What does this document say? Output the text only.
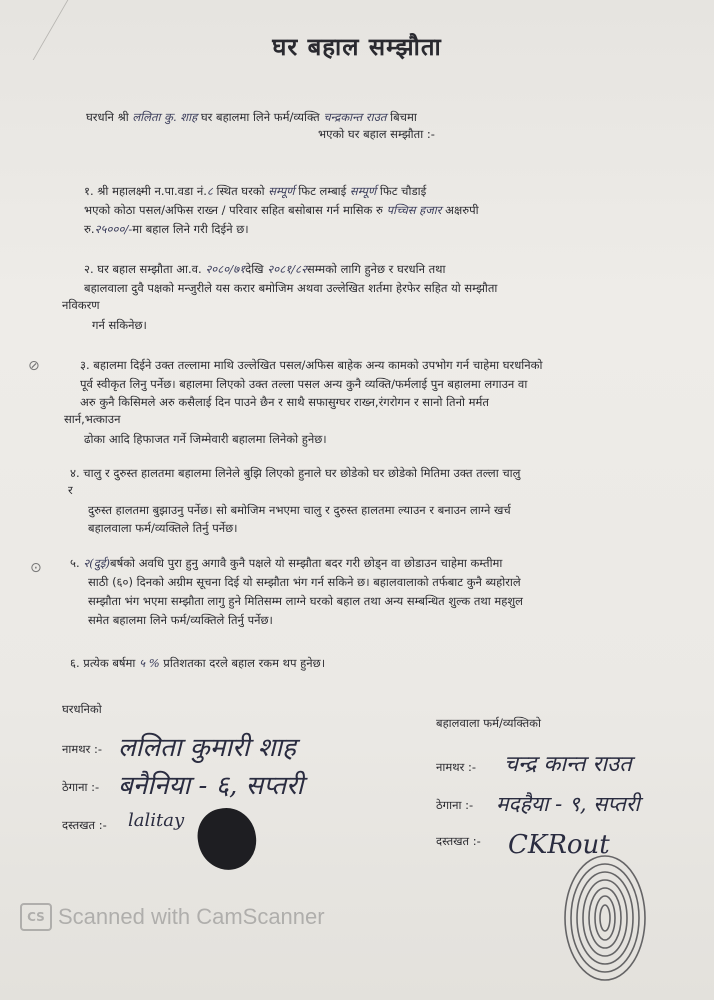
घर बहाल सम्झौता
घरधनि श्री ललिता कु. शाह घर बहालमा लिने फर्म/व्यक्ति चन्द्रकान्त राउत बिचमा
भएको घर बहाल सम्झौता :-
१. श्री महालक्ष्मी न.पा.वडा नं.८ स्थित घरको सम्पूर्ण फिट लम्बाई सम्पूर्ण फिट चौडाई
भएको कोठा पसल/अफिस राख्न / परिवार सहित बसोबास गर्न मासिक रु पच्चिस हजार अक्षरुपी
रु.२५०००/-मा बहाल लिने गरी दिईने छ।
२. घर बहाल सम्झौता आ.व. २०८०/७१देखि २०८१/८२सम्मको लागि हुनेछ र घरधनि तथा
बहालवाला दुवै पक्षको मन्जुरीले यस करार बमोजिम अथवा उल्लेखित शर्तमा हेरफेर सहित यो सम्झौता
नविकरण
गर्न सकिनेछ।
⊘	३. बहालमा दिईने उक्त तल्लामा माथि उल्लेखित पसल/अफिस बाहेक अन्य कामको उपभोग गर्न चाहेमा घरधनिको
पूर्व स्वीकृत लिनु पर्नेछ। बहालमा लिएको उक्त तल्ला पसल अन्य कुनै व्यक्ति/फर्मलाई पुन बहालमा लगाउन वा
अरु कुनै किसिमले अरु कसैलाई दिन पाउने छैन र साथै सफासुग्घर राख्न,रंगरोगन र सानो तिनो मर्मत
सार्न,भत्काउन
ढोका आदि हिफाजत गर्ने जिम्मेवारी बहालमा लिनेको हुनेछ।
४. चालु र दुरुस्त हालतमा बहालमा लिनेले बुझि लिएको हुनाले घर छोडेको घर छोडेको मितिमा उक्त तल्ला चालु
र
दुरुस्त हालतमा बुझाउनु पर्नेछ। सो बमोजिम नभएमा चालु र दुरुस्त हालतमा ल्याउन र बनाउन लाग्ने खर्च
बहालवाला फर्म/व्यक्तिले तिर्नु पर्नेछ।
⊙ ५. २(दुई)बर्षको अवधि पुरा हुनु अगावै कुनै पक्षले यो सम्झौता बदर गरी छोड्न वा छोडाउन चाहेमा कम्तीमा
साठी (६०) दिनको अग्रीम सूचना दिई यो सम्झौता भंग गर्न सकिने छ। बहालवालाको तर्फबाट कुनै ब्यहोराले
सम्झौता भंग भएमा सम्झौता लागु हुने मितिसम्म लाग्ने घरको बहाल तथा अन्य सम्बन्धित शुल्क तथा महशुल
समेत बहालमा लिने फर्म/व्यक्तिले तिर्नु पर्नेछ।
६. प्रत्येक बर्षमा ५ % प्रतिशतका दरले बहाल रकम थप हुनेछ।
घरधनिको
नामथर :- ललिता कुमारी शाह
ठेगाना :- बनैनिया - ६, सप्तरी
दस्तखत :- lalitay
बहालवाला फर्म/व्यक्तिको
नामथर :- चन्द्र कान्त राउत
ठेगाना :- मदहैया - ९, सप्तरी
दस्तखत :- CKRout
CS Scanned with CamScanner
